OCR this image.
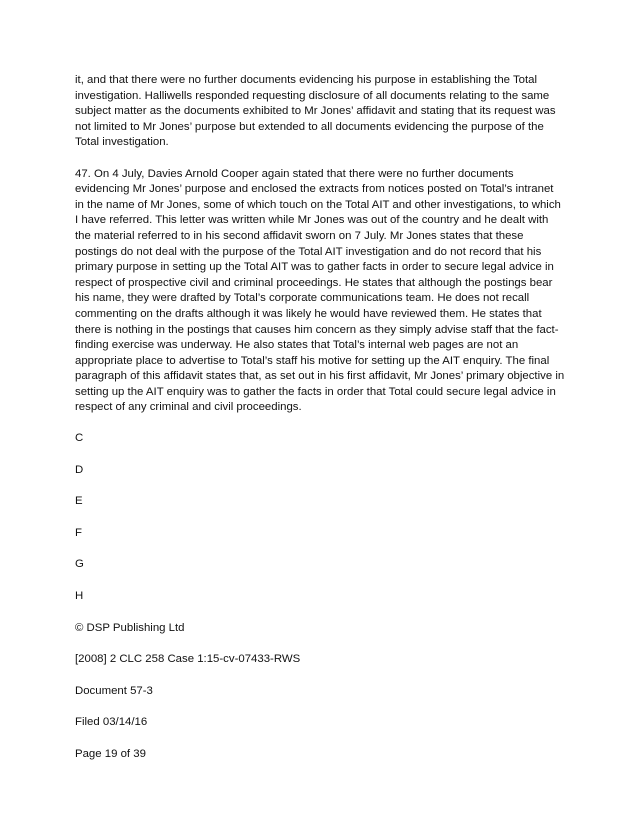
it, and that there were no further documents evidencing his purpose in establishing the Total investigation. Halliwells responded requesting disclosure of all documents relating to the same subject matter as the documents exhibited to Mr Jones’ affidavit and stating that its request was not limited to Mr Jones’ purpose but extended to all documents evidencing the purpose of the Total investigation.

47. On 4 July, Davies Arnold Cooper again stated that there were no further documents evidencing Mr Jones’ purpose and enclosed the extracts from notices posted on Total’s intranet in the name of Mr Jones, some of which touch on the Total AIT and other investigations, to which I have referred. This letter was written while Mr Jones was out of the country and he dealt with the material referred to in his second affidavit sworn on 7 July. Mr Jones states that these postings do not deal with the purpose of the Total AIT investigation and do not record that his primary purpose in setting up the Total AIT was to gather facts in order to secure legal advice in respect of prospective civil and criminal proceedings. He states that although the postings bear his name, they were drafted by Total’s corporate communications team. He does not recall commenting on the drafts although it was likely he would have reviewed them. He states that there is nothing in the postings that causes him concern as they simply advise staff that the fact-finding exercise was underway. He also states that Total’s internal web pages are not an appropriate place to advertise to Total’s staff his motive for setting up the AIT enquiry. The final paragraph of this affidavit states that, as set out in his first affidavit, Mr Jones’ primary objective in setting up the AIT enquiry was to gather the facts in order that Total could secure legal advice in respect of any criminal and civil proceedings.

C
D
E
F
G
H
© DSP Publishing Ltd
[2008] 2 CLC 258 Case 1:15-cv-07433-RWS
Document 57-3
Filed 03/14/16
Page 19 of 39
